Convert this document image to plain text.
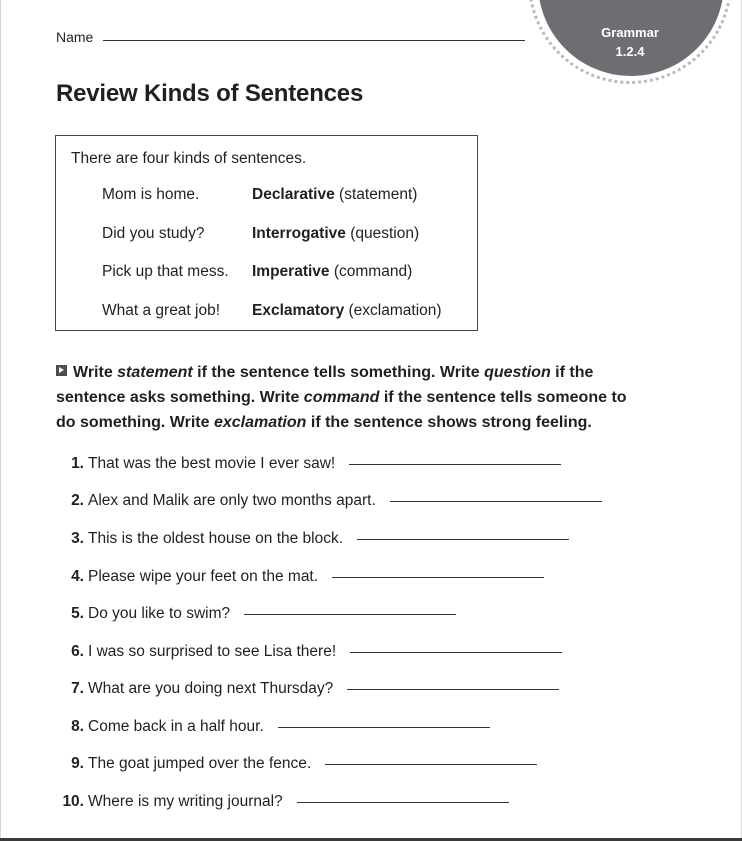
Name	Grammar
1.2.4
Review Kinds of Sentences
There are four kinds of sentences.
Mom is home.	Declarative (statement)
Did you study?	Interrogative (question)
Pick up that mess. Imperative (command)
What a great job! Exclamatory (exclamation)

Write statement if the sentence tells something. Write question if the sentence asks something. Write command if the sentence tells someone to do something. Write exclamation if the sentence shows strong feeling.

1. That was the best movie I ever saw!
2. Alex and Malik are only two months apart.
3. This is the oldest house on the block.
4. Please wipe your feet on the mat.
5. Do you like to swim?
6. I was so surprised to see Lisa there!
7. What are you doing next Thursday?
8. Come back in a half hour.
9. The goat jumped over the fence.
10. Where is my writing journal?
